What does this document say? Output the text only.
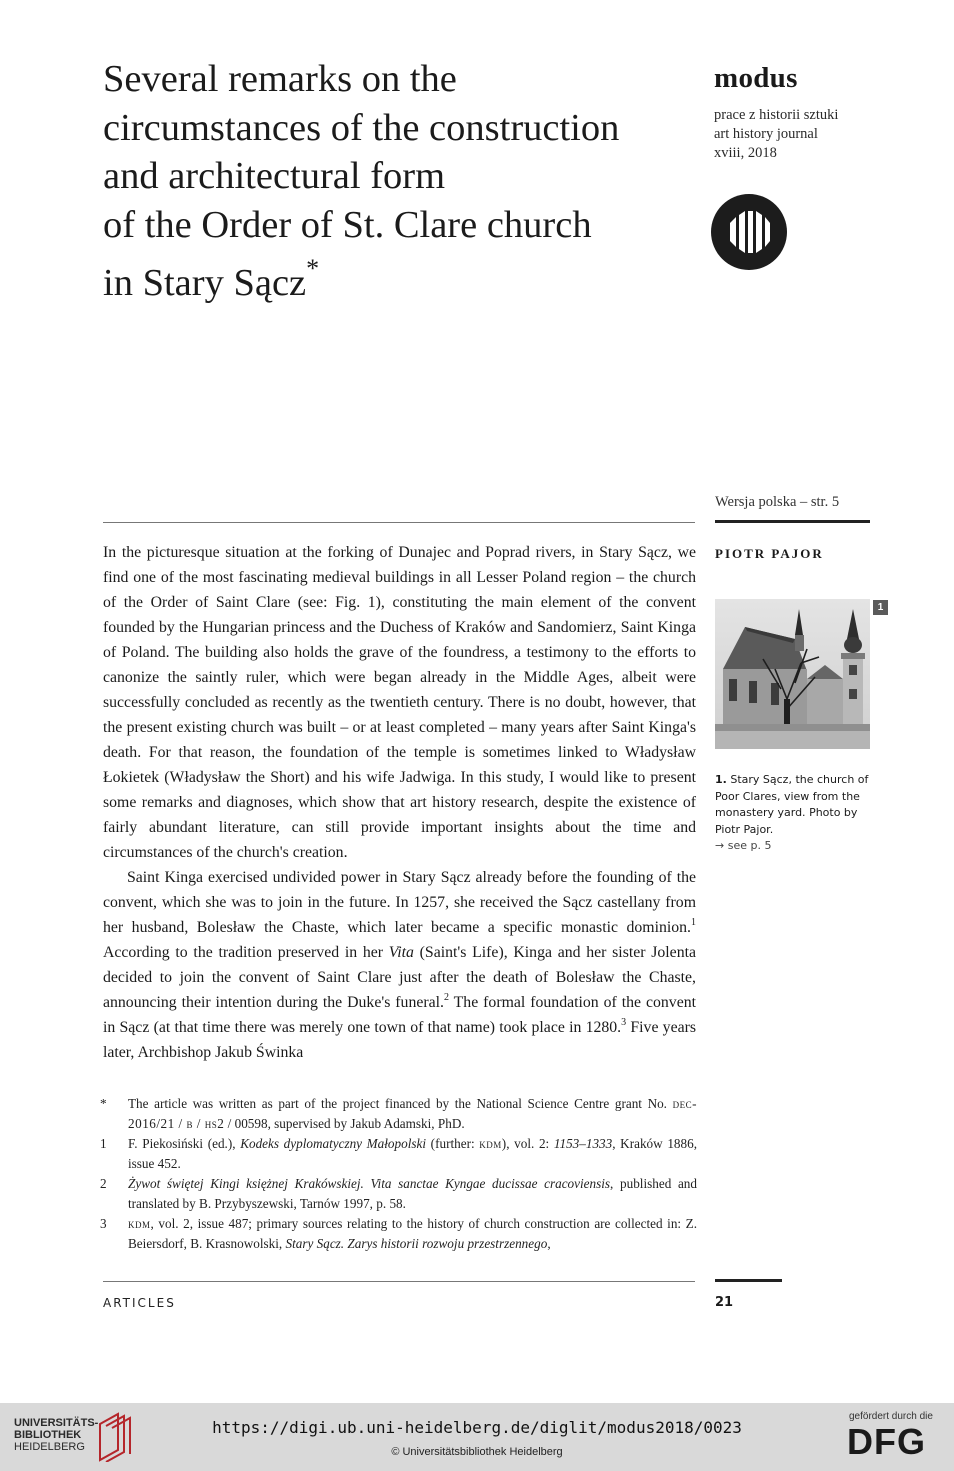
Several remarks on the
circumstances of the construction
and architectural form
of the Order of St. Clare church
in Stary Sącz*
modus
prace z historii sztuki
art history journal
xviii, 2018
Wersja polska – str. 5
PIOTR PAJOR
1
1. Stary Sącz, the church of Poor Clares, view from the monastery yard. Photo by Piotr Pajor.
→ see p. 5

In the picturesque situation at the forking of Dunajec and Poprad rivers, in Stary Sącz, we find one of the most fascinating medieval buildings in all Lesser Poland region – the church of the Order of Saint Clare (see: Fig. 1), constituting the main element of the convent founded by the Hungarian princess and the Duchess of Kraków and Sandomierz, Saint Kinga of Poland. The building also holds the grave of the foundress, a testimony to the efforts to canonize the saintly ruler, which were began already in the Middle Ages, albeit were successfully concluded as recently as the twentieth century. There is no doubt, however, that the present existing church was built – or at least completed – many years after Saint Kinga's death. For that reason, the foundation of the temple is sometimes linked to Władysław Łokietek (Władysław the Short) and his wife Jadwiga. In this study, I would like to present some remarks and diagnoses, which show that art history research, despite the existence of fairly abundant literature, can still provide important insights about the time and circumstances of the church's creation.

Saint Kinga exercised undivided power in Stary Sącz already before the founding of the convent, which she was to join in the future. In 1257, she received the Sącz castellany from her husband, Bolesław the Chaste, which later became a specific monastic dominion.$^1$ According to the tradition preserved in her Vita (Saint's Life), Kinga and her sister Jolenta decided to join the convent of Saint Clare just after the death of Bolesław the Chaste, announcing their intention during the Duke's funeral.$^2$ The formal foundation of the convent in Sącz (at that time there was merely one town of that name) took place in 1280.$^3$ Five years later, Archbishop Jakub Świnka

*	The article was written as part of the project financed by the National Science Centre grant No. dec-2016/21 / b / hs2 / 00598, supervised by Jakub Adamski, PhD.
1	F. Piekosiński (ed.), Kodeks dyplomatyczny Małopolski (further: kdm), vol. 2: 1153–1333, Kraków 1886, issue 452.
2	Żywot świętej Kingi księżnej Krakówskiej. Vita sanctae Kyngae ducissae cracoviensis, published and translated by B. Przybyszewski, Tarnów 1997, p. 58.
3	kdm, vol. 2, issue 487; primary sources relating to the history of church construction are collected in: Z. Beiersdorf, B. Krasnowolski, Stary Sącz. Zarys historii rozwoju przestrzennego,
ARTICLES	21
UNIVERSITÄTS-
BIBLIOTHEK
HEIDELBERG
https://digi.ub.uni-heidelberg.de/diglit/modus2018/0023
© Universitätsbibliothek Heidelberg
gefördert durch die
DFG
